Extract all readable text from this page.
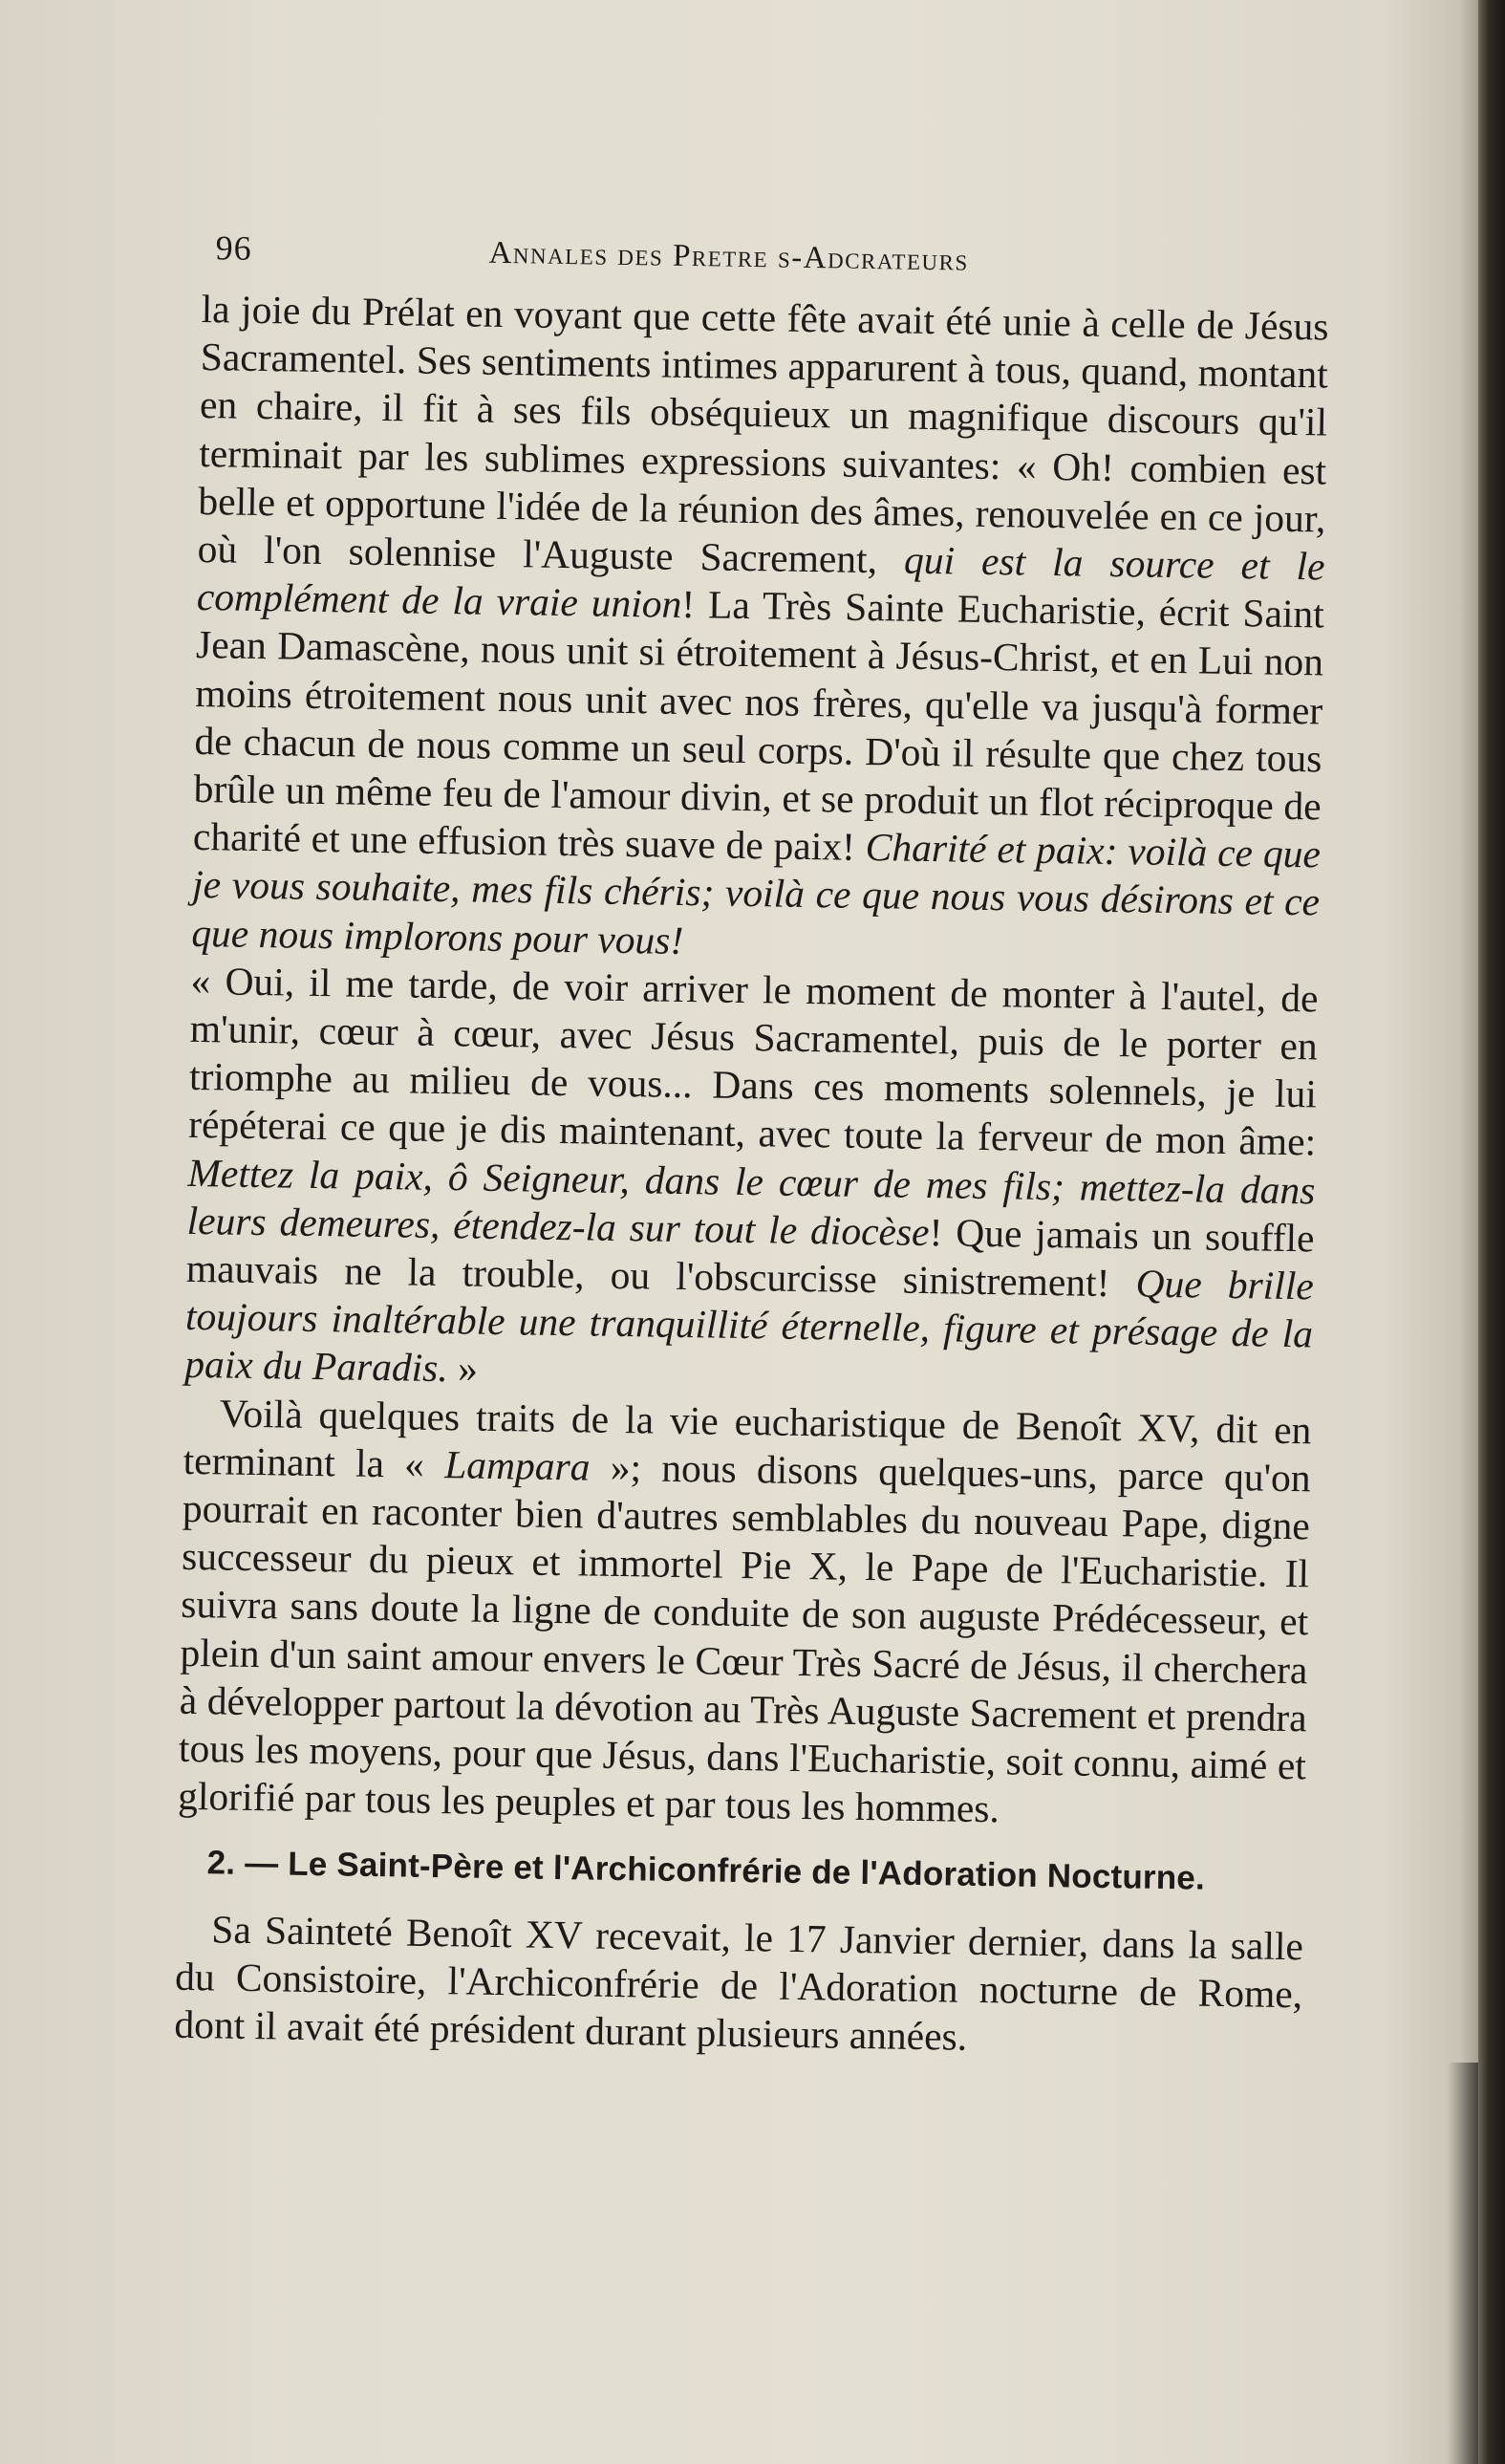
96	Annales des Pretre s-Adcrateurs

la joie du Prélat en voyant que cette fête avait été unie à celle de Jésus Sacramentel. Ses sentiments intimes apparurent à tous, quand, montant en chaire, il fit à ses fils obséquieux un magnifique discours qu'il terminait par les sublimes expressions suivantes: « Oh! combien est belle et opportune l'idée de la réunion des âmes, renouvelée en ce jour, où l'on solennise l'Auguste Sacrement, qui est la source et le complément de la vraie union! La Très Sainte Eucharistie, écrit Saint Jean Damascène, nous unit si étroitement à Jésus-Christ, et en Lui non moins étroitement nous unit avec nos frères, qu'elle va jusqu'à former de chacun de nous comme un seul corps. D'où il résulte que chez tous brûle un même feu de l'amour divin, et se produit un flot réciproque de charité et une effusion très suave de paix! Charité et paix: voilà ce que je vous souhaite, mes fils chéris; voilà ce que nous vous désirons et ce que nous implorons pour vous!

« Oui, il me tarde, de voir arriver le moment de monter à l'autel, de m'unir, cœur à cœur, avec Jésus Sacramentel, puis de le porter en triomphe au milieu de vous... Dans ces moments solennels, je lui répéterai ce que je dis maintenant, avec toute la ferveur de mon âme: Mettez la paix, ô Seigneur, dans le cœur de mes fils; mettez-la dans leurs demeures, étendez-la sur tout le diocèse! Que jamais un souffle mauvais ne la trouble, ou l'obscurcisse sinistrement! Que brille toujours inaltérable une tranquillité éternelle, figure et présage de la paix du Paradis. »

Voilà quelques traits de la vie eucharistique de Benoît XV, dit en terminant la « Lampara »; nous disons quelques-uns, parce qu'on pourrait en raconter bien d'autres semblables du nouveau Pape, digne successeur du pieux et immortel Pie X, le Pape de l'Eucharistie. Il suivra sans doute la ligne de conduite de son auguste Prédécesseur, et plein d'un saint amour envers le Cœur Très Sacré de Jésus, il cherchera à développer partout la dévotion au Très Auguste Sacrement et prendra tous les moyens, pour que Jésus, dans l'Eucharistie, soit connu, aimé et glorifié par tous les peuples et par tous les hommes.

2. — Le Saint-Père et l'Archiconfrérie de l'Adoration Nocturne.

Sa Sainteté Benoît XV recevait, le 17 Janvier dernier, dans la salle du Consistoire, l'Archiconfrérie de l'Adoration nocturne de Rome, dont il avait été président durant plusieurs années.
